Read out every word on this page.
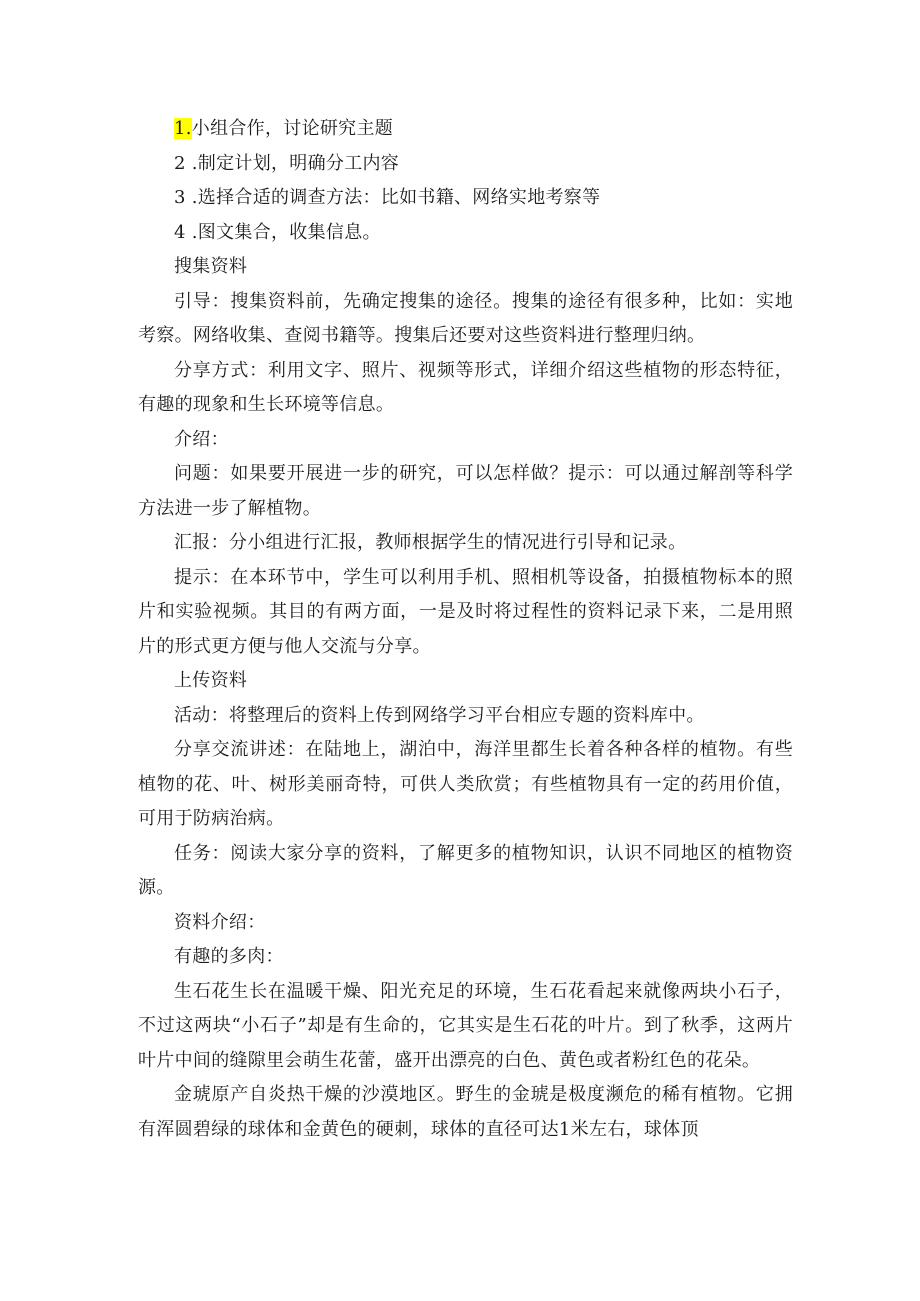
1.小组合作，讨论研究主题

2 .制定计划，明确分工内容

3 .选择合适的调查方法：比如书籍、网络实地考察等

4 .图文集合，收集信息。

搜集资料

引导：搜集资料前，先确定搜集的途径。搜集的途径有很多种，比如：实地考察。网络收集、查阅书籍等。搜集后还要对这些资料进行整理归纳。

分享方式：利用文字、照片、视频等形式，详细介绍这些植物的形态特征，有趣的现象和生长环境等信息。

介绍：

问题：如果要开展进一步的研究，可以怎样做？提示：可以通过解剖等科学方法进一步了解植物。

汇报：分小组进行汇报，教师根据学生的情况进行引导和记录。

提示：在本环节中，学生可以利用手机、照相机等设备，拍摄植物标本的照片和实验视频。其目的有两方面，一是及时将过程性的资料记录下来，二是用照片的形式更方便与他人交流与分享。

上传资料

活动：将整理后的资料上传到网络学习平台相应专题的资料库中。

分享交流讲述：在陆地上，湖泊中，海洋里都生长着各种各样的植物。有些植物的花、叶、树形美丽奇特，可供人类欣赏；有些植物具有一定的药用价值，可用于防病治病。

任务：阅读大家分享的资料，了解更多的植物知识，认识不同地区的植物资源。

资料介绍：

有趣的多肉：

生石花生长在温暖干燥、阳光充足的环境，生石花看起来就像两块小石子，不过这两块“小石子”却是有生命的，它其实是生石花的叶片。到了秋季，这两片叶片中间的缝隙里会萌生花蕾，盛开出漂亮的白色、黄色或者粉红色的花朵。

金琥原产自炎热干燥的沙漠地区。野生的金琥是极度濒危的稀有植物。它拥有浑圆碧绿的球体和金黄色的硬刺，球体的直径可达1米左右，球体顶
